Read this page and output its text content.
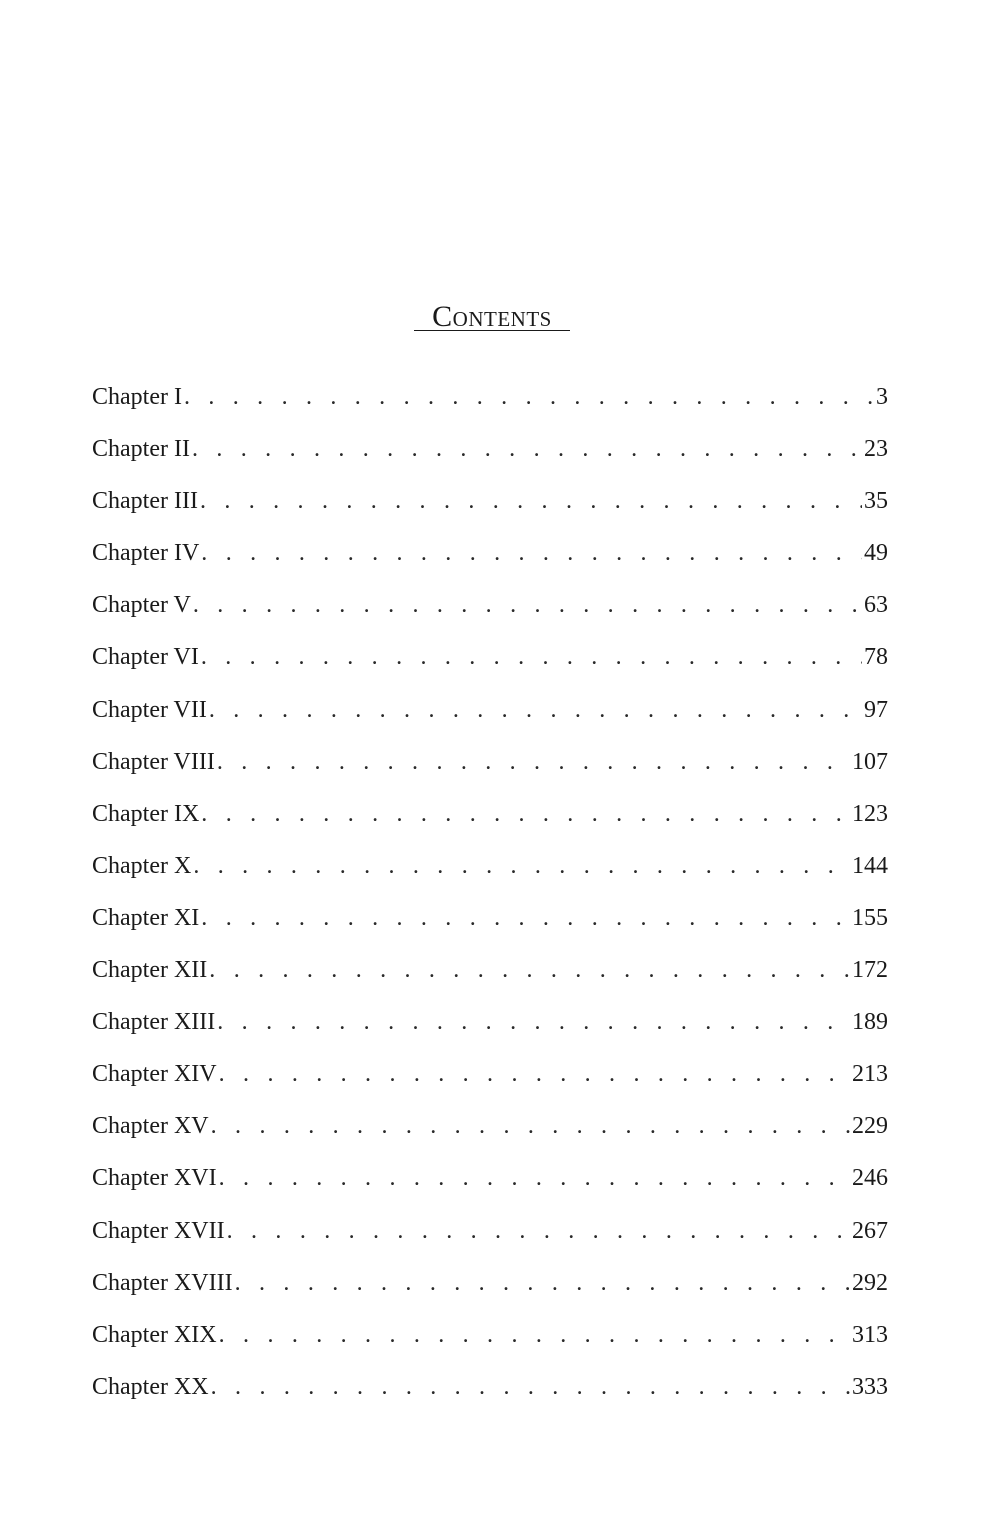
Contents
Chapter I . . .	3
Chapter II . . .	23
Chapter III . . .	35
Chapter IV . . .	49
Chapter V . . .	63
Chapter VI . . .	78
Chapter VII . . .	97
Chapter VIII . . .	107
Chapter IX . . .	123
Chapter X . . .	144
Chapter XI . . .	155
Chapter XII . . .	172
Chapter XIII . . .	189
Chapter XIV . . .	213
Chapter XV . . .	229
Chapter XVI . . .	246
Chapter XVII . . .	267
Chapter XVIII . . .	292
Chapter XIX . . .	313
Chapter XX . . .	333
